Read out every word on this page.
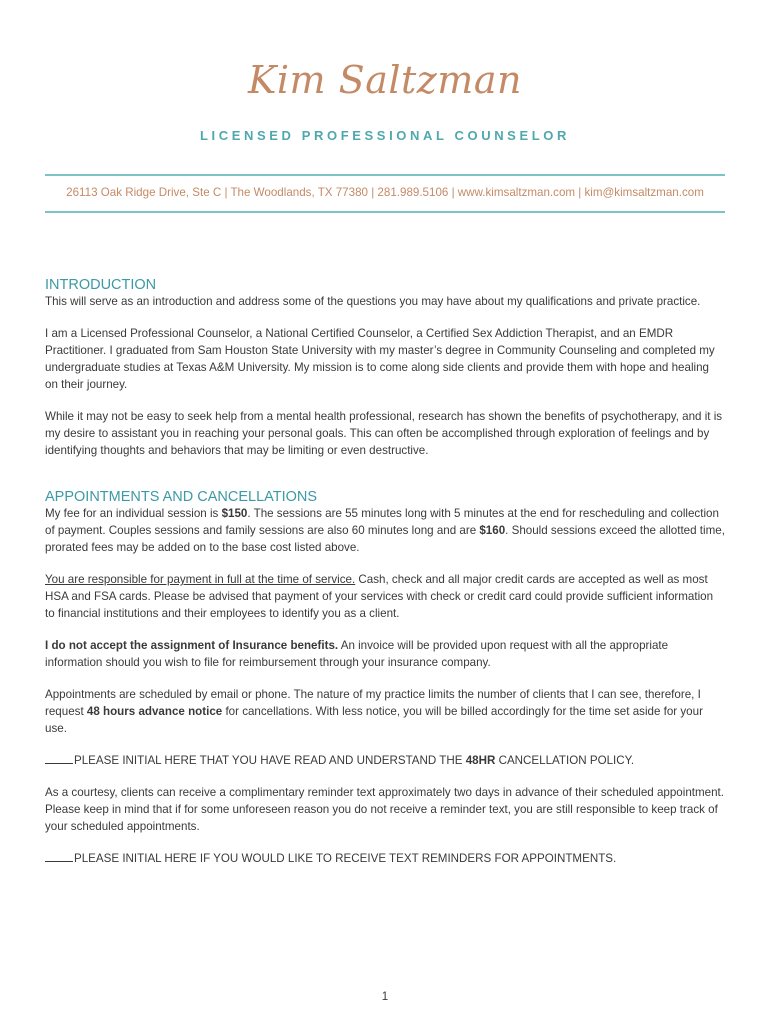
Kim Saltzman
LICENSED PROFESSIONAL COUNSELOR
26113 Oak Ridge Drive, Ste C | The Woodlands, TX 77380 | 281.989.5106 | www.kimsaltzman.com | kim@kimsaltzman.com
INTRODUCTION

This will serve as an introduction and address some of the questions you may have about my qualifications and private practice.

I am a Licensed Professional Counselor, a National Certified Counselor, a Certified Sex Addiction Therapist, and an EMDR Practitioner. I graduated from Sam Houston State University with my master’s degree in Community Counseling and completed my undergraduate studies at Texas A&M University. My mission is to come along side clients and provide them with hope and healing on their journey.

While it may not be easy to seek help from a mental health professional, research has shown the benefits of psychotherapy, and it is my desire to assistant you in reaching your personal goals. This can often be accomplished through exploration of feelings and by identifying thoughts and behaviors that may be limiting or even destructive.

APPOINTMENTS AND CANCELLATIONS

My fee for an individual session is $150. The sessions are 55 minutes long with 5 minutes at the end for rescheduling and collection of payment. Couples sessions and family sessions are also 60 minutes long and are $160. Should sessions exceed the allotted time, prorated fees may be added on to the base cost listed above.

You are responsible for payment in full at the time of service. Cash, check and all major credit cards are accepted as well as most HSA and FSA cards. Please be advised that payment of your services with check or credit card could provide sufficient information to financial institutions and their employees to identify you as a client.

I do not accept the assignment of Insurance benefits. An invoice will be provided upon request with all the appropriate information should you wish to file for reimbursement through your insurance company.

Appointments are scheduled by email or phone. The nature of my practice limits the number of clients that I can see, therefore, I request 48 hours advance notice for cancellations. With less notice, you will be billed accordingly for the time set aside for your use.

PLEASE INITIAL HERE THAT YOU HAVE READ AND UNDERSTAND THE 48HR CANCELLATION POLICY.

As a courtesy, clients can receive a complimentary reminder text approximately two days in advance of their scheduled appointment. Please keep in mind that if for some unforeseen reason you do not receive a reminder text, you are still responsible to keep track of your scheduled appointments.

PLEASE INITIAL HERE IF YOU WOULD LIKE TO RECEIVE TEXT REMINDERS FOR APPOINTMENTS.

1
